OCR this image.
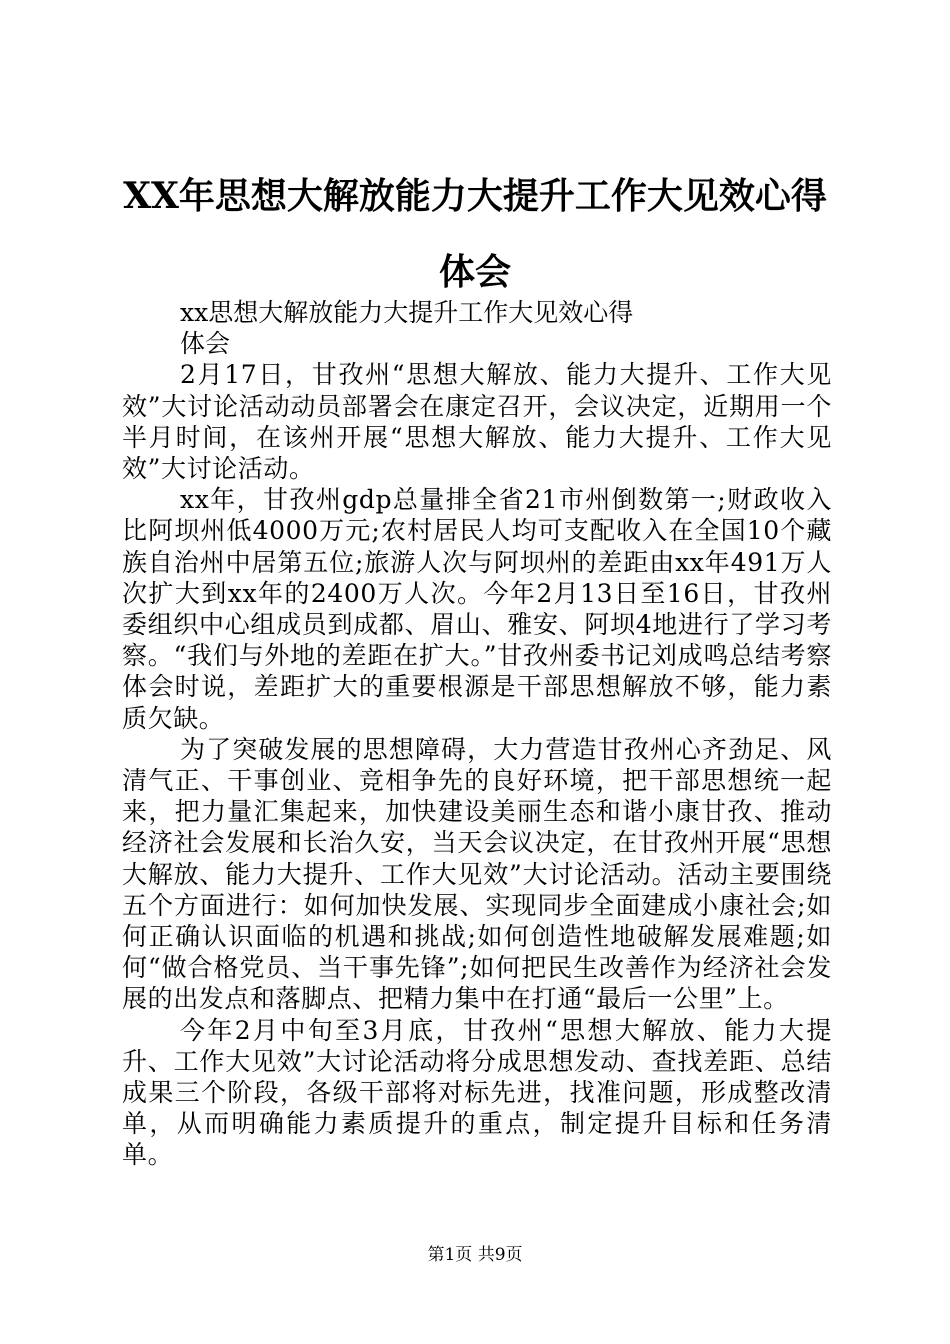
XX年思想大解放能力大提升工作大见效心得体会

xx思想大解放能力大提升工作大见效心得体会

2月17日，甘孜州“思想大解放、能力大提升、工作大见效”大讨论活动动员部署会在康定召开，会议决定，近期用一个半月时间，在该州开展“思想大解放、能力大提升、工作大见效”大讨论活动。

xx年，甘孜州gdp总量排全省21市州倒数第一;财政收入比阿坝州低4000万元;农村居民人均可支配收入在全国10个藏族自治州中居第五位;旅游人次与阿坝州的差距由xx年491万人次扩大到xx年的2400万人次。今年2月13日至16日，甘孜州委组织中心组成员到成都、眉山、雅安、阿坝4地进行了学习考察。“我们与外地的差距在扩大。”甘孜州委书记刘成鸣总结考察体会时说，差距扩大的重要根源是干部思想解放不够，能力素质欠缺。

为了突破发展的思想障碍，大力营造甘孜州心齐劲足、风清气正、干事创业、竞相争先的良好环境，把干部思想统一起来，把力量汇集起来，加快建设美丽生态和谐小康甘孜、推动经济社会发展和长治久安，当天会议决定，在甘孜州开展“思想大解放、能力大提升、工作大见效”大讨论活动。活动主要围绕五个方面进行：如何加快发展、实现同步全面建成小康社会;如何正确认识面临的机遇和挑战;如何创造性地破解发展难题;如何“做合格党员、当干事先锋”;如何把民生改善作为经济社会发展的出发点和落脚点、把精力集中在打通“最后一公里”上。

今年2月中旬至3月底，甘孜州“思想大解放、能力大提升、工作大见效”大讨论活动将分成思想发动、查找差距、总结成果三个阶段，各级干部将对标先进，找准问题，形成整改清单，从而明确能力素质提升的重点，制定提升目标和任务清单。

第1页 共9页
